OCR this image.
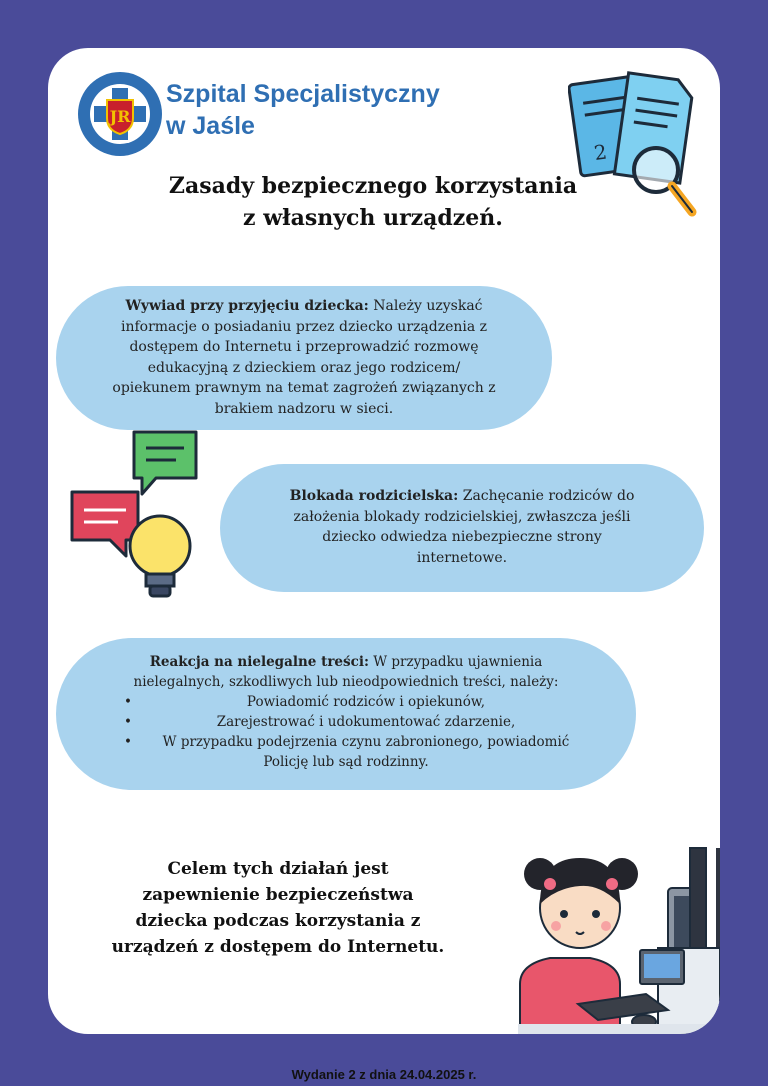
JR
Szpital Specjalistyczny
w Jaśle
2
Zasady bezpiecznego korzystania
z własnych urządzeń.
Wywiad przy przyjęciu dziecka: Należy uzyskać
informacje o posiadaniu przez dziecko urządzenia z
dostępem do Internetu i przeprowadzić rozmowę
edukacyjną z dzieckiem oraz jego rodzicem/
opiekunem prawnym na temat zagrożeń związanych z
brakiem nadzoru w sieci.
Blokada rodzicielska: Zachęcanie rodziców do
założenia blokady rodzicielskiej, zwłaszcza jeśli
dziecko odwiedza niebezpieczne strony
internetowe.
Reakcja na nielegalne treści: W przypadku ujawnienia
nielegalnych, szkodliwych lub nieodpowiednich treści, należy:
•	Powiadomić rodziców i opiekunów,
•	Zarejestrować i udokumentować zdarzenie,
• W przypadku podejrzenia czynu zabronionego, powiadomić
Policję lub sąd rodzinny.
Celem tych działań jest
zapewnienie bezpieczeństwa
dziecka podczas korzystania z
urządzeń z dostępem do Internetu.
Wydanie 2 z dnia 24.04.2025 r.
